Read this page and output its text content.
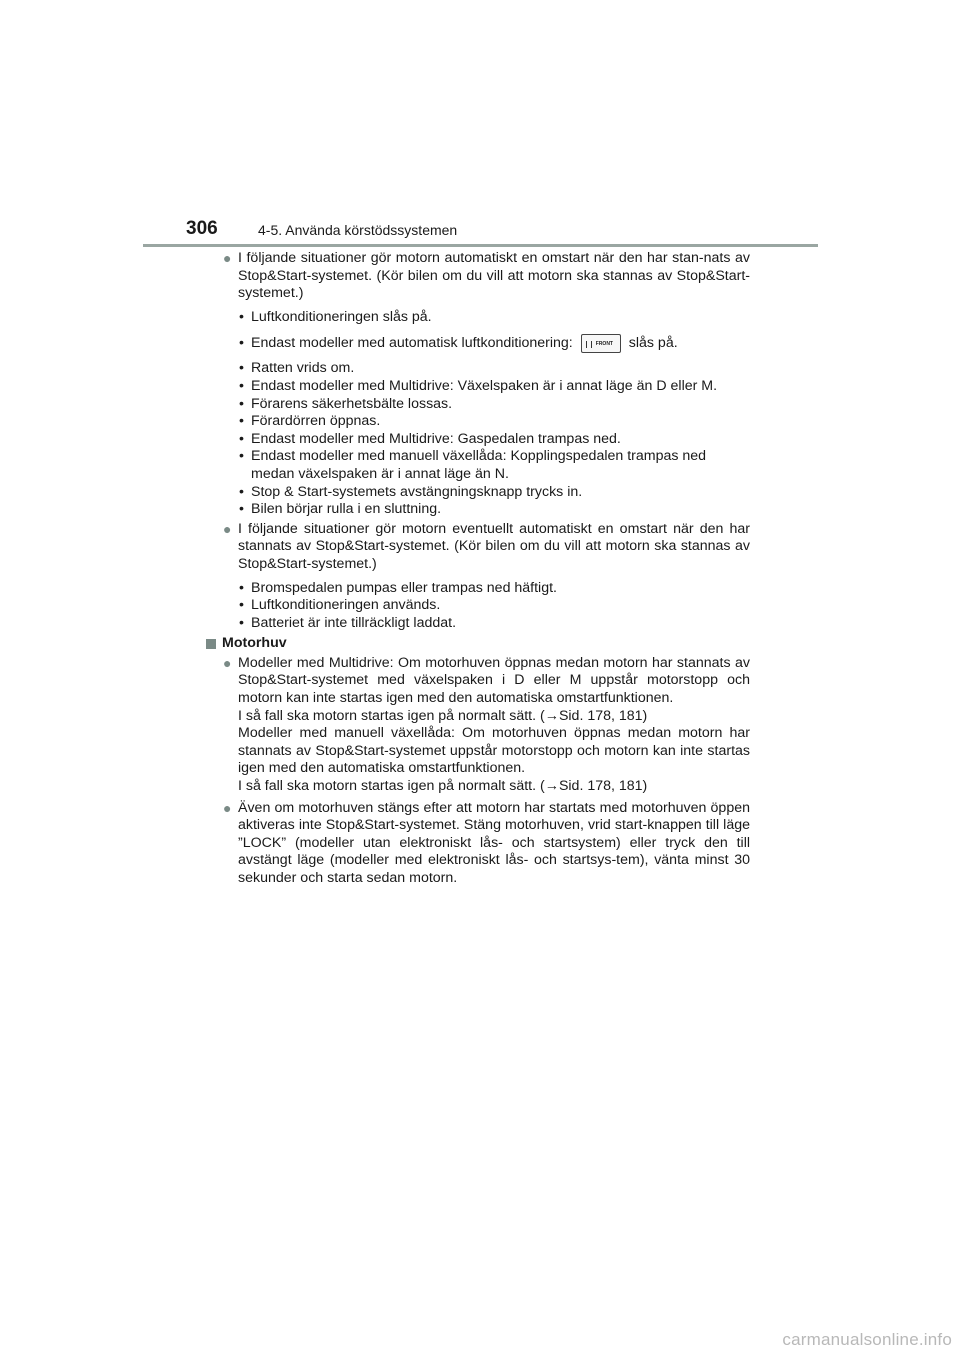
306	4-5. Använda körstödssystemen
● I följande situationer gör motorn automatiskt en omstart när den har stan-nats av Stop&Start-systemet. (Kör bilen om du vill att motorn ska stannas av Stop&Start-systemet.)
• Luftkonditioneringen slås på.
• Endast modeller med automatisk luftkonditionering:	FRONT slås på.
• Ratten vrids om.
• Endast modeller med Multidrive: Växelspaken är i annat läge än D eller M.
• Förarens säkerhetsbälte lossas.
• Förardörren öppnas.
• Endast modeller med Multidrive: Gaspedalen trampas ned.
• Endast modeller med manuell växellåda: Kopplingspedalen trampas ned medan växelspaken är i annat läge än N.
• Stop & Start-systemets avstängningsknapp trycks in.
• Bilen börjar rulla i en sluttning.
● I följande situationer gör motorn eventuellt automatiskt en omstart när den har stannats av Stop&Start-systemet. (Kör bilen om du vill att motorn ska stannas av Stop&Start-systemet.)
• Bromspedalen pumpas eller trampas ned häftigt.
• Luftkonditioneringen används.
• Batteriet är inte tillräckligt laddat.
Motorhuv
● Modeller med Multidrive: Om motorhuven öppnas medan motorn har stannats av Stop&Start-systemet med växelspaken i D eller M uppstår motorstopp och motorn kan inte startas igen med den automatiska omstartfunktionen.
I så fall ska motorn startas igen på normalt sätt. (→Sid. 178, 181)
Modeller med manuell växellåda: Om motorhuven öppnas medan motorn har stannats av Stop&Start-systemet uppstår motorstopp och motorn kan inte startas igen med den automatiska omstartfunktionen.
I så fall ska motorn startas igen på normalt sätt. (→Sid. 178, 181)
● Även om motorhuven stängs efter att motorn har startats med motorhuven öppen aktiveras inte Stop&Start-systemet. Stäng motorhuven, vrid start-knappen till läge ”LOCK” (modeller utan elektroniskt lås- och startsystem) eller tryck den till avstängt läge (modeller med elektroniskt lås- och startsys-tem), vänta minst 30 sekunder och starta sedan motorn.
carmanualsonline.info
